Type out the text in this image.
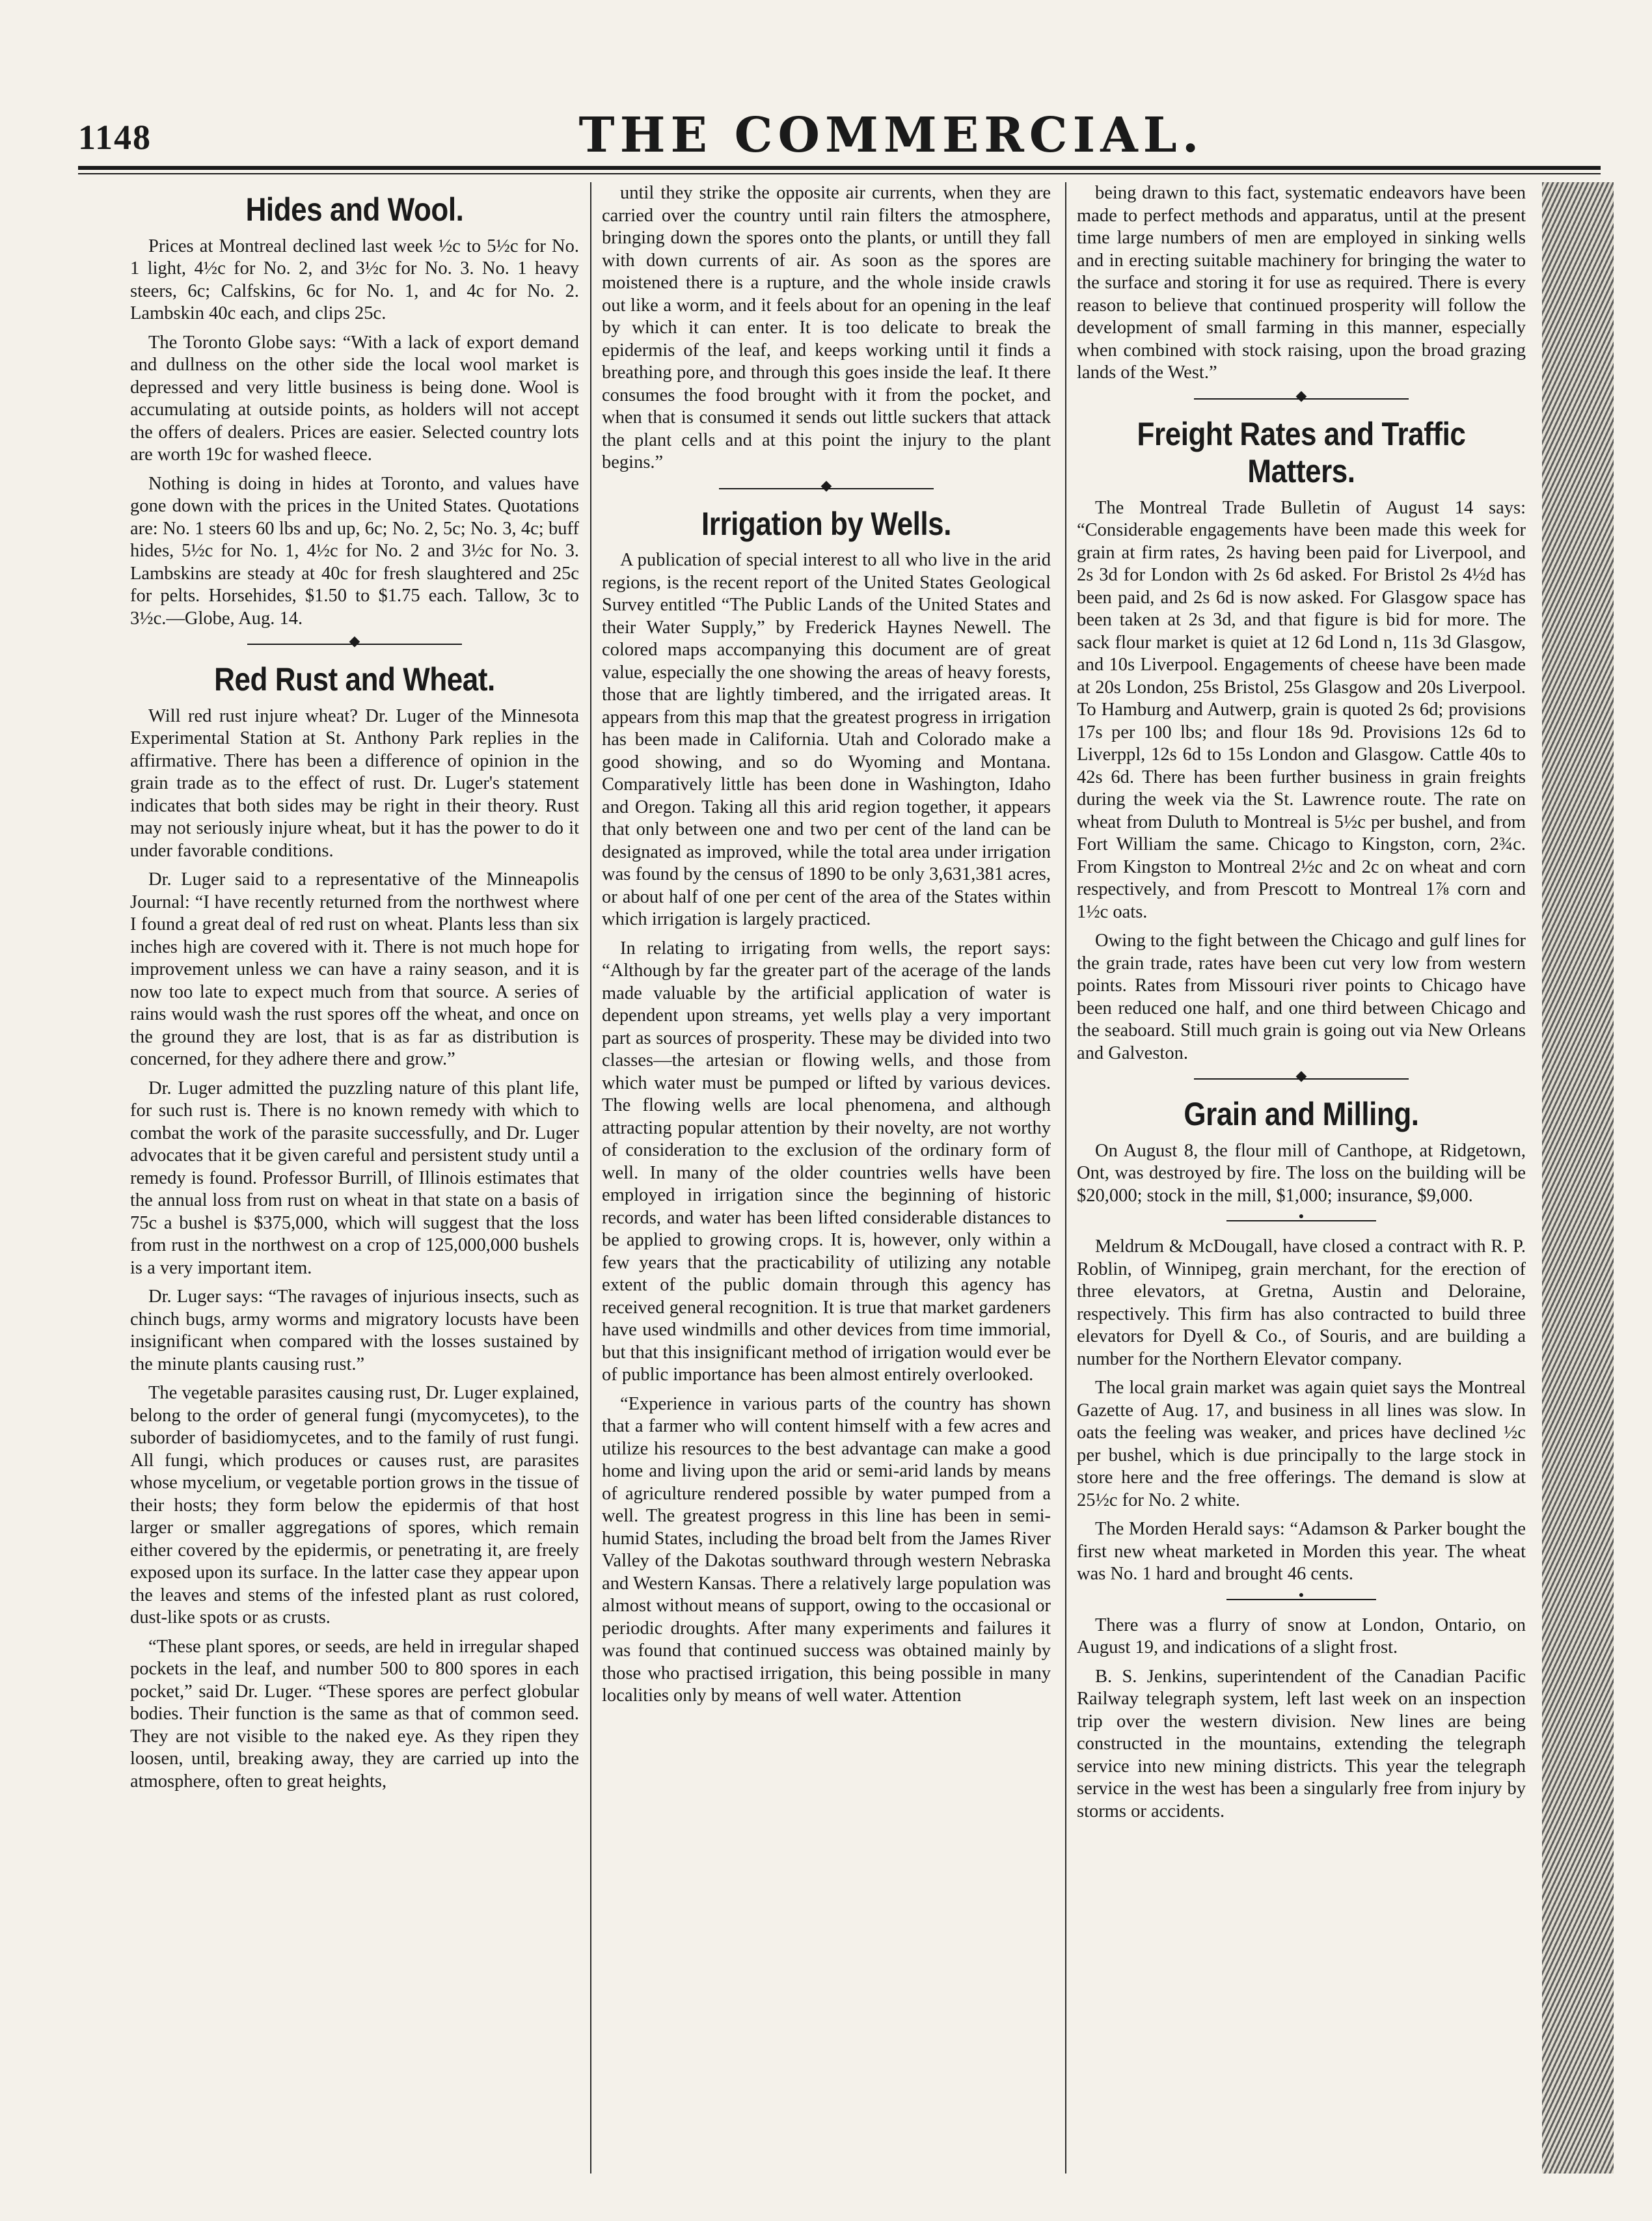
1148	THE COMMERCIAL.
Hides and Wool.

Prices at Montreal declined last week ½c to 5½c for No. 1 light, 4½c for No. 2, and 3½c for No. 3. No. 1 heavy steers, 6c; Calfskins, 6c for No. 1, and 4c for No. 2. Lambskin 40c each, and clips 25c.

The Toronto Globe says: “With a lack of export demand and dullness on the other side the local wool market is depressed and very little business is being done. Wool is accumulating at outside points, as holders will not accept the offers of dealers. Prices are easier. Selected country lots are worth 19c for washed fleece.

Nothing is doing in hides at Toronto, and values have gone down with the prices in the United States. Quotations are: No. 1 steers 60 lbs and up, 6c; No. 2, 5c; No. 3, 4c; buff hides, 5½c for No. 1, 4½c for No. 2 and 3½c for No. 3. Lambskins are steady at 40c for fresh slaughtered and 25c for pelts. Horsehides, $1.50 to $1.75 each. Tallow, 3c to 3½c.—Globe, Aug. 14.

◆
Red Rust and Wheat.

Will red rust injure wheat? Dr. Luger of the Minnesota Experimental Station at St. Anthony Park replies in the affirmative. There has been a difference of opinion in the grain trade as to the effect of rust. Dr. Luger's statement indicates that both sides may be right in their theory. Rust may not seriously injure wheat, but it has the power to do it under favorable conditions.

Dr. Luger said to a representative of the Minneapolis Journal: “I have recently returned from the northwest where I found a great deal of red rust on wheat. Plants less than six inches high are covered with it. There is not much hope for improvement unless we can have a rainy season, and it is now too late to expect much from that source. A series of rains would wash the rust spores off the wheat, and once on the ground they are lost, that is as far as distribution is concerned, for they adhere there and grow.”

Dr. Luger admitted the puzzling nature of this plant life, for such rust is. There is no known remedy with which to combat the work of the parasite successfully, and Dr. Luger advocates that it be given careful and persistent study until a remedy is found. Professor Burrill, of Illinois estimates that the annual loss from rust on wheat in that state on a basis of 75c a bushel is $375,000, which will suggest that the loss from rust in the northwest on a crop of 125,000,000 bushels is a very important item.

Dr. Luger says: “The ravages of injurious insects, such as chinch bugs, army worms and migratory locusts have been insignificant when compared with the losses sustained by the minute plants causing rust.”

The vegetable parasites causing rust, Dr. Luger explained, belong to the order of general fungi (mycomycetes), to the suborder of basidiomycetes, and to the family of rust fungi. All fungi, which produces or causes rust, are parasites whose mycelium, or vegetable portion grows in the tissue of their hosts; they form below the epidermis of that host larger or smaller aggregations of spores, which remain either covered by the epidermis, or penetrating it, are freely exposed upon its surface. In the latter case they appear upon the leaves and stems of the infested plant as rust colored, dust-like spots or as crusts.

“These plant spores, or seeds, are held in irregular shaped pockets in the leaf, and number 500 to 800 spores in each pocket,” said Dr. Luger. “These spores are perfect globular bodies. Their function is the same as that of common seed. They are not visible to the naked eye. As they ripen they loosen, until, breaking away, they are carried up into the atmosphere, often to great heights,

until they strike the opposite air currents, when they are carried over the country until rain filters the atmosphere, bringing down the spores onto the plants, or untill they fall with down currents of air. As soon as the spores are moistened there is a rupture, and the whole inside crawls out like a worm, and it feels about for an opening in the leaf by which it can enter. It is too delicate to break the epidermis of the leaf, and keeps working until it finds a breathing pore, and through this goes inside the leaf. It there consumes the food brought with it from the pocket, and when that is consumed it sends out little suckers that attack the plant cells and at this point the injury to the plant begins.”

◆
Irrigation by Wells.

A publication of special interest to all who live in the arid regions, is the recent report of the United States Geological Survey entitled “The Public Lands of the United States and their Water Supply,” by Frederick Haynes Newell. The colored maps accompanying this document are of great value, especially the one showing the areas of heavy forests, those that are lightly timbered, and the irrigated areas. It appears from this map that the greatest progress in irrigation has been made in California. Utah and Colorado make a good showing, and so do Wyoming and Montana. Comparatively little has been done in Washington, Idaho and Oregon. Taking all this arid region together, it appears that only between one and two per cent of the land can be designated as improved, while the total area under irrigation was found by the census of 1890 to be only 3,631,381 acres, or about half of one per cent of the area of the States within which irrigation is largely practiced.

In relating to irrigating from wells, the report says: “Although by far the greater part of the acerage of the lands made valuable by the artificial application of water is dependent upon streams, yet wells play a very important part as sources of prosperity. These may be divided into two classes—the artesian or flowing wells, and those from which water must be pumped or lifted by various devices. The flowing wells are local phenomena, and although attracting popular attention by their novelty, are not worthy of consideration to the exclusion of the ordinary form of well. In many of the older countries wells have been employed in irrigation since the beginning of historic records, and water has been lifted considerable distances to be applied to growing crops. It is, however, only within a few years that the practicability of utilizing any notable extent of the public domain through this agency has received general recognition. It is true that market gardeners have used windmills and other devices from time immorial, but that this insignificant method of irrigation would ever be of public importance has been almost entirely overlooked.

“Experience in various parts of the country has shown that a farmer who will content himself with a few acres and utilize his resources to the best advantage can make a good home and living upon the arid or semi-arid lands by means of agriculture rendered possible by water pumped from a well. The greatest progress in this line has been in semi-humid States, including the broad belt from the James River Valley of the Dakotas southward through western Nebraska and Western Kansas. There a relatively large population was almost without means of support, owing to the occasional or periodic droughts. After many experiments and failures it was found that continued success was obtained mainly by those who practised irrigation, this being possible in many localities only by means of well water. Attention

being drawn to this fact, systematic endeavors have been made to perfect methods and apparatus, until at the present time large numbers of men are employed in sinking wells and in erecting suitable machinery for bringing the water to the surface and storing it for use as required. There is every reason to believe that continued prosperity will follow the development of small farming in this manner, especially when combined with stock raising, upon the broad grazing lands of the West.”

◆
Freight Rates and Traffic Matters.

The Montreal Trade Bulletin of August 14 says: “Considerable engagements have been made this week for grain at firm rates, 2s having been paid for Liverpool, and 2s 3d for London with 2s 6d asked. For Bristol 2s 4½d has been paid, and 2s 6d is now asked. For Glasgow space has been taken at 2s 3d, and that figure is bid for more. The sack flour market is quiet at 12 6d Lond n, 11s 3d Glasgow, and 10s Liverpool. Engagements of cheese have been made at 20s London, 25s Bristol, 25s Glasgow and 20s Liverpool. To Hamburg and Autwerp, grain is quoted 2s 6d; provisions 17s per 100 lbs; and flour 18s 9d. Provisions 12s 6d to Liverppl, 12s 6d to 15s London and Glasgow. Cattle 40s to 42s 6d. There has been further business in grain freights during the week via the St. Lawrence route. The rate on wheat from Duluth to Montreal is 5½c per bushel, and from Fort William the same. Chicago to Kingston, corn, 2¾c. From Kingston to Montreal 2½c and 2c on wheat and corn respectively, and from Prescott to Montreal 1⅞ corn and 1½c oats.

Owing to the fight between the Chicago and gulf lines for the grain trade, rates have been cut very low from western points. Rates from Missouri river points to Chicago have been reduced one half, and one third between Chicago and the seaboard. Still much grain is going out via New Orleans and Galveston.

◆
Grain and Milling.

On August 8, the flour mill of Canthope, at Ridgetown, Ont, was destroyed by fire. The loss on the building will be $20,000; stock in the mill, $1,000; insurance, $9,000.

●

Meldrum & McDougall, have closed a contract with R. P. Roblin, of Winnipeg, grain merchant, for the erection of three elevators, at Gretna, Austin and Deloraine, respectively. This firm has also contracted to build three elevators for Dyell & Co., of Souris, and are building a number for the Northern Elevator company.

The local grain market was again quiet says the Montreal Gazette of Aug. 17, and business in all lines was slow. In oats the feeling was weaker, and prices have declined ½c per bushel, which is due principally to the large stock in store here and the free offerings. The demand is slow at 25½c for No. 2 white.

The Morden Herald says: “Adamson & Parker bought the first new wheat marketed in Morden this year. The wheat was No. 1 hard and brought 46 cents.

●

There was a flurry of snow at London, Ontario, on August 19, and indications of a slight frost.

B. S. Jenkins, superintendent of the Canadian Pacific Railway telegraph system, left last week on an inspection trip over the western division. New lines are being constructed in the mountains, extending the telegraph service into new mining districts. This year the telegraph service in the west has been a singularly free from injury by storms or accidents.
